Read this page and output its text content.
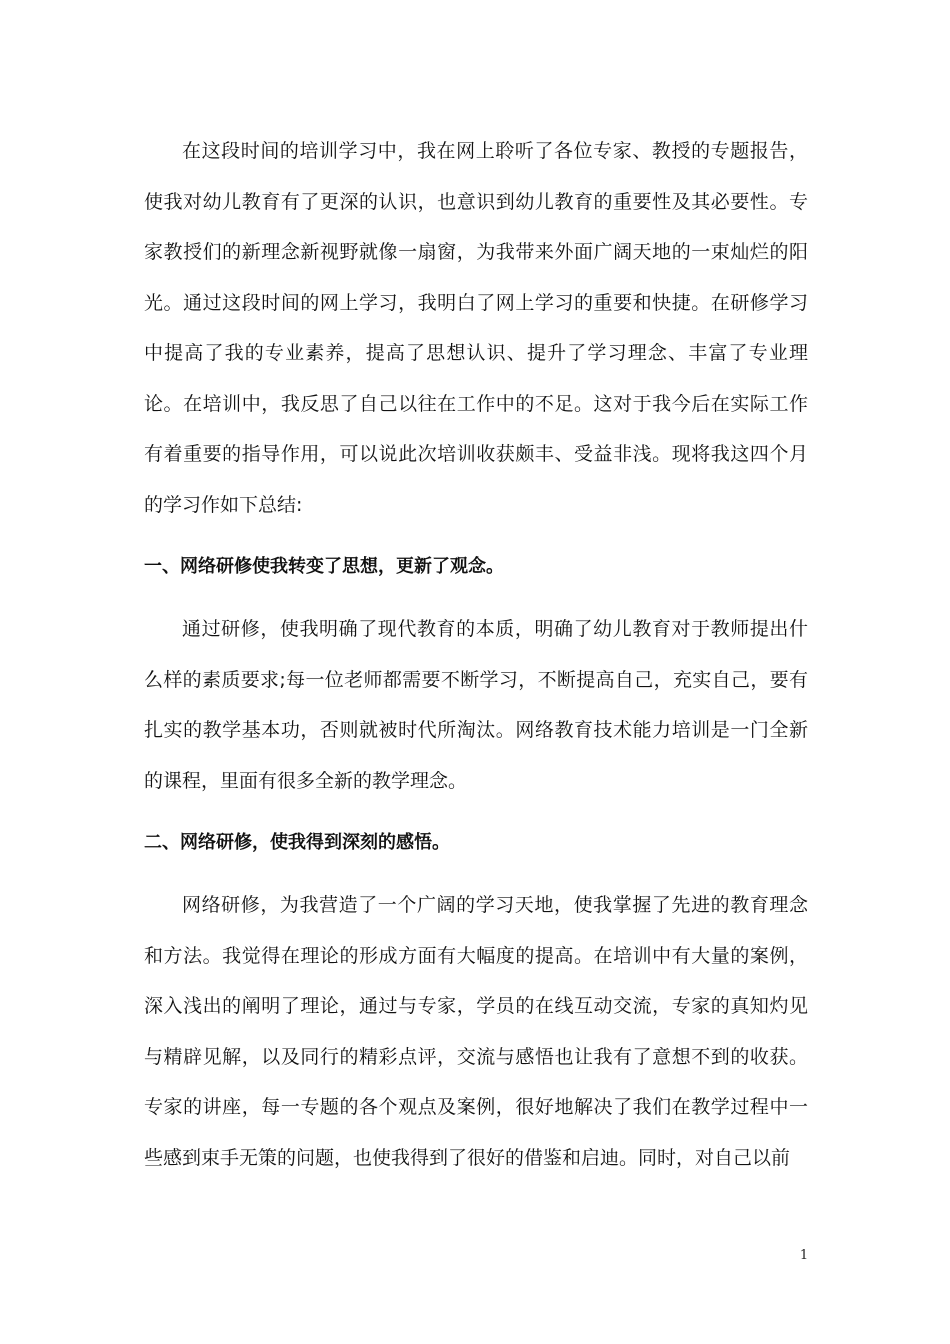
在这段时间的培训学习中，我在网上聆听了各位专家、教授的专题报告，使我对幼儿教育有了更深的认识，也意识到幼儿教育的重要性及其必要性。专家教授们的新理念新视野就像一扇窗，为我带来外面广阔天地的一束灿烂的阳光。通过这段时间的网上学习，我明白了网上学习的重要和快捷。在研修学习中提高了我的专业素养，提高了思想认识、提升了学习理念、丰富了专业理论。在培训中，我反思了自己以往在工作中的不足。这对于我今后在实际工作有着重要的指导作用，可以说此次培训收获颇丰、受益非浅。现将我这四个月的学习作如下总结:

一、网络研修使我转变了思想，更新了观念。

通过研修，使我明确了现代教育的本质，明确了幼儿教育对于教师提出什么样的素质要求;每一位老师都需要不断学习，不断提高自己，充实自己，要有扎实的教学基本功，否则就被时代所淘汰。网络教育技术能力培训是一门全新的课程，里面有很多全新的教学理念。

二、网络研修，使我得到深刻的感悟。

网络研修，为我营造了一个广阔的学习天地，使我掌握了先进的教育理念和方法。我觉得在理论的形成方面有大幅度的提高。在培训中有大量的案例，深入浅出的阐明了理论，通过与专家，学员的在线互动交流，专家的真知灼见与精辟见解，以及同行的精彩点评，交流与感悟也让我有了意想不到的收获。专家的讲座，每一专题的各个观点及案例，很好地解决了我们在教学过程中一些感到束手无策的问题，也使我得到了很好的借鉴和启迪。同时，对自己以前

1
